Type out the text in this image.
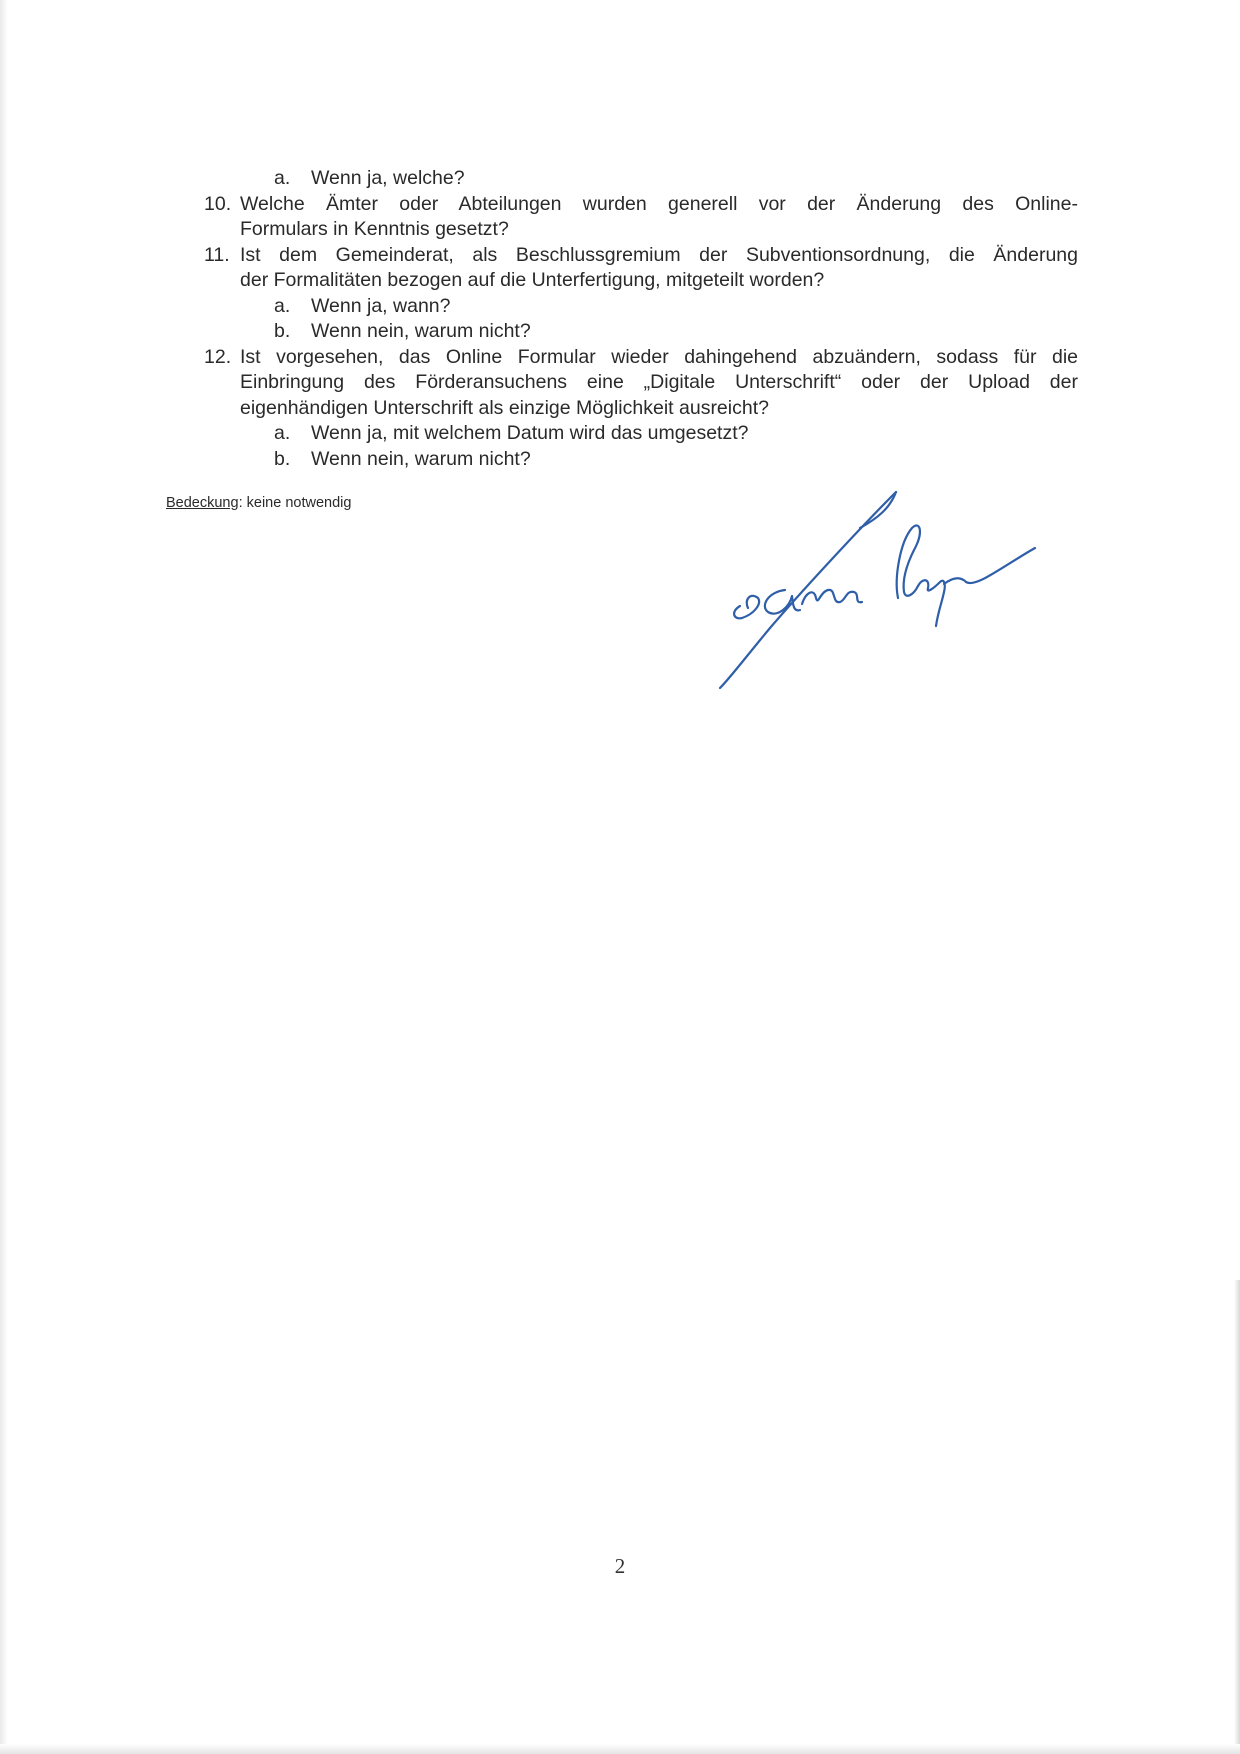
a. Wenn ja, welche?
10. Welche Ämter oder Abteilungen wurden generell vor der Änderung des Online-
Formulars in Kenntnis gesetzt?
11. Ist dem Gemeinderat, als Beschlussgremium der Subventionsordnung, die Änderung
der Formalitäten bezogen auf die Unterfertigung, mitgeteilt worden?
a. Wenn ja, wann?
b. Wenn nein, warum nicht?
12. Ist vorgesehen, das Online Formular wieder dahingehend abzuändern, sodass für die
Einbringung des Förderansuchens eine „Digitale Unterschrift“ oder der Upload der
eigenhändigen Unterschrift als einzige Möglichkeit ausreicht?
a. Wenn ja, mit welchem Datum wird das umgesetzt?
b. Wenn nein, warum nicht?
Bedeckung: keine notwendig
2
